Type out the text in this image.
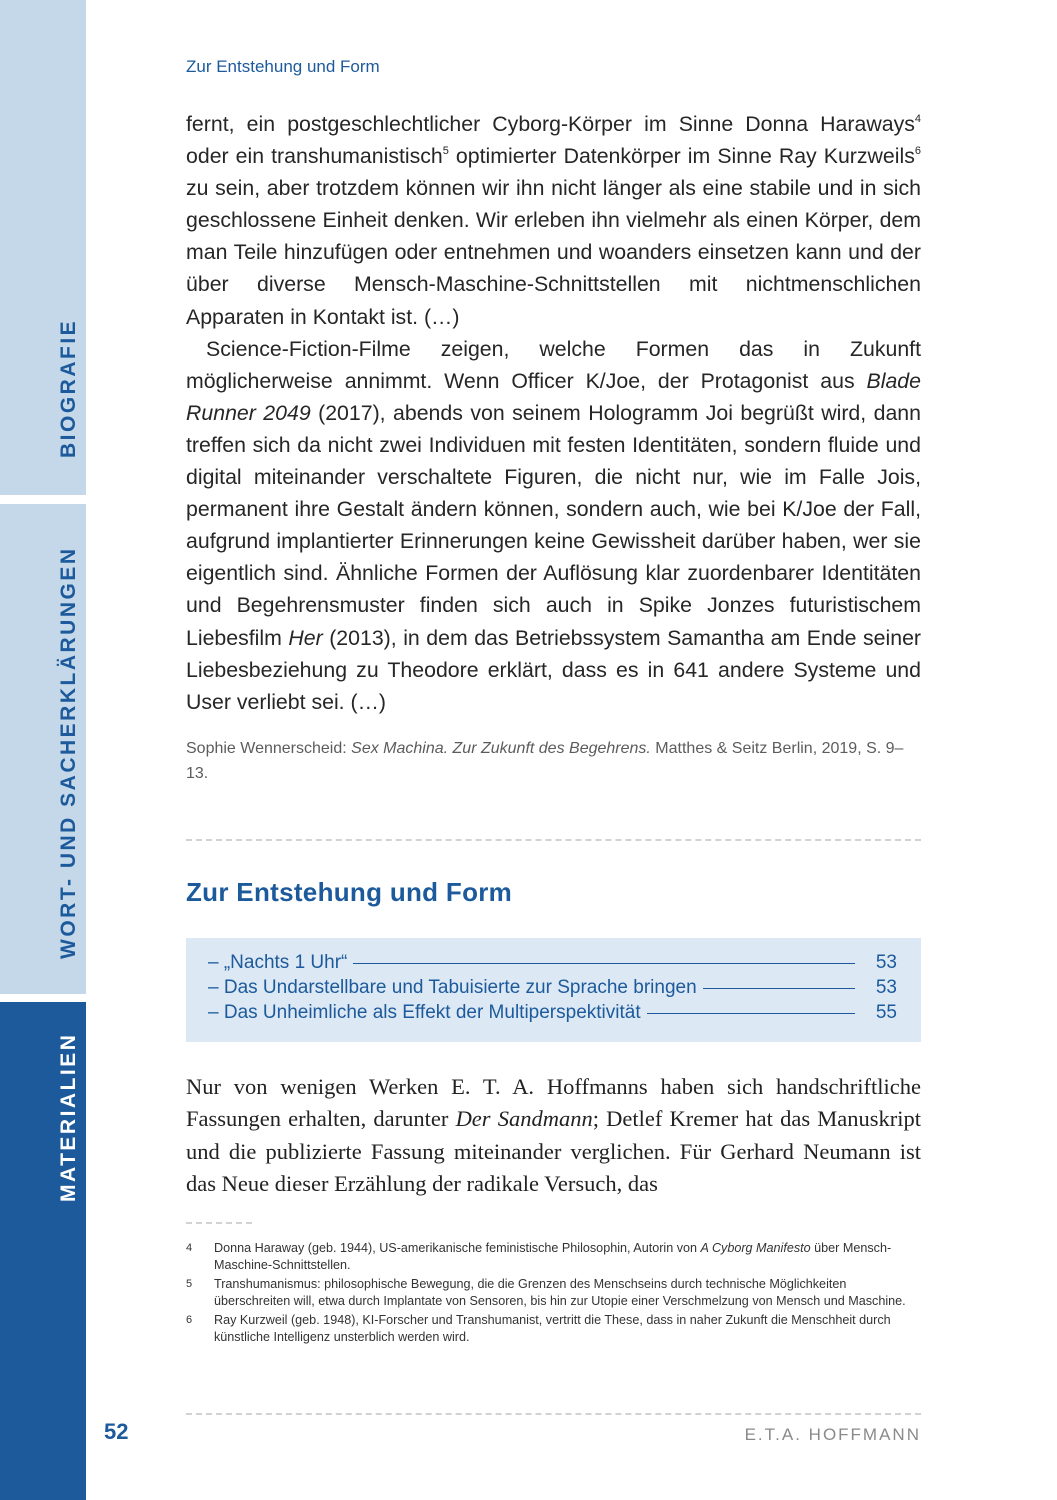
BIOGRAFIE
WORT- UND SACHERKLÄRUNGEN
MATERIALIEN
Zur Entstehung und Form

fernt, ein postgeschlechtlicher Cyborg-Körper im Sinne Donna Haraways$^4$ oder ein transhumanistisch$^5$ optimierter Datenkörper im Sinne Ray Kurzweils$^6$ zu sein, aber trotzdem können wir ihn nicht länger als eine stabile und in sich geschlossene Einheit denken. Wir erleben ihn vielmehr als einen Körper, dem man Teile hinzufügen oder entnehmen und woanders einsetzen kann und der über diverse Mensch-Maschine-Schnittstellen mit nichtmenschlichen Apparaten in Kontakt ist. (…)

Science-Fiction-Filme zeigen, welche Formen das in Zukunft möglicherweise annimmt. Wenn Officer K/Joe, der Protagonist aus Blade Runner 2049 (2017), abends von seinem Hologramm Joi begrüßt wird, dann treffen sich da nicht zwei Individuen mit festen Identitäten, sondern fluide und digital miteinander verschaltete Figuren, die nicht nur, wie im Falle Jois, permanent ihre Gestalt ändern können, sondern auch, wie bei K/Joe der Fall, aufgrund implantierter Erinnerungen keine Gewissheit darüber haben, wer sie eigentlich sind. Ähnliche Formen der Auflösung klar zuordenbarer Identitäten und Begehrensmuster finden sich auch in Spike Jonzes futuristischem Liebesfilm Her (2013), in dem das Betriebssystem Samantha am Ende seiner Liebesbeziehung zu Theodore erklärt, dass es in 641 andere Systeme und User verliebt sei. (…)

Sophie Wennerscheid: Sex Machina. Zur Zukunft des Begehrens. Matthes & Seitz Berlin, 2019, S. 9–13.
Zur Entstehung und Form
– „Nachts 1 Uhr“	53
– Das Undarstellbare und Tabuisierte zur Sprache bringen	53
– Das Unheimliche als Effekt der Multiperspektivität	55

Nur von wenigen Werken E. T. A. Hoffmanns haben sich handschriftliche Fassungen erhalten, darunter Der Sandmann; Detlef Kremer hat das Manuskript und die publizierte Fassung miteinander verglichen. Für Gerhard Neumann ist das Neue dieser Erzählung der radikale Versuch, das

4	Donna Haraway (geb. 1944), US-amerikanische feministische Philosophin, Autorin von A Cyborg Manifesto über Mensch-Maschine-Schnittstellen.
5	Transhumanismus: philosophische Bewegung, die die Grenzen des Menschseins durch technische Möglichkeiten überschreiten will, etwa durch Implantate von Sensoren, bis hin zur Utopie einer Verschmelzung von Mensch und Maschine.
6	Ray Kurzweil (geb. 1948), KI-Forscher und Transhumanist, vertritt die These, dass in naher Zukunft die Menschheit durch künstliche Intelligenz unsterblich werden wird.
52	E.T.A. HOFFMANN
